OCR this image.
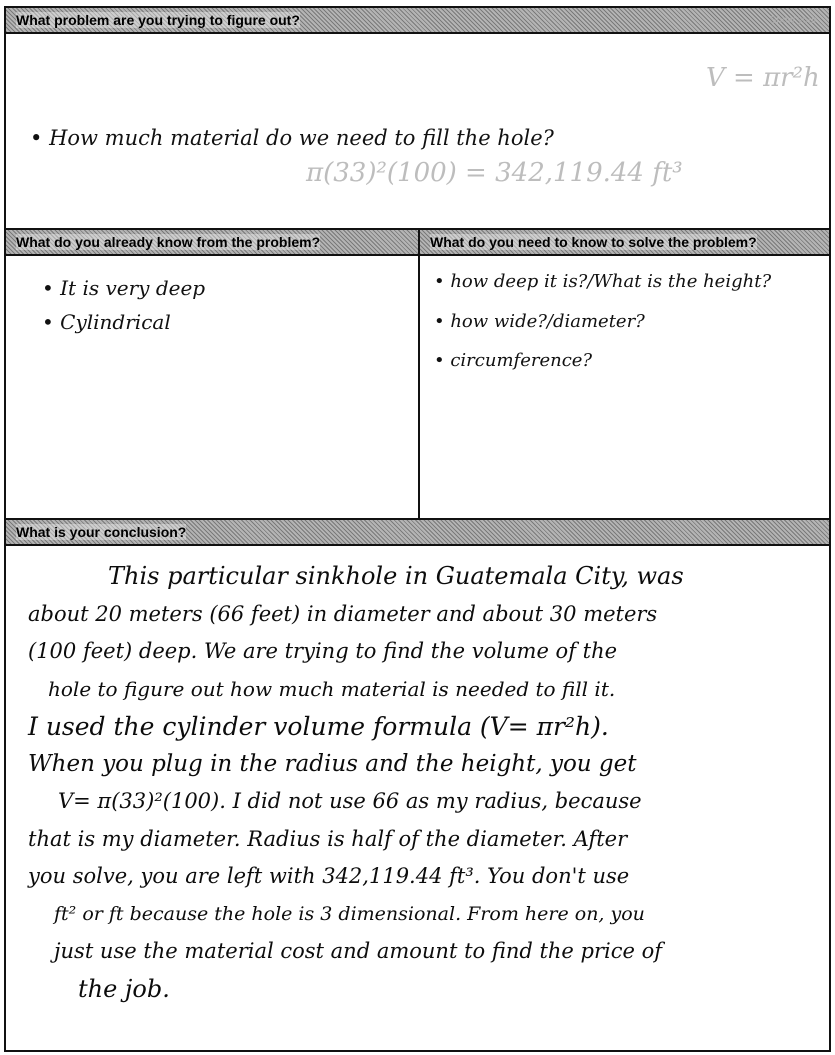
What problem are you trying to figure out?	Show your
V = πr²h
π(33)²(100) = 342,119.44 ft³
• How much material do we need to fill the hole?
What do you already know from the problem?	What do you need to know to solve the problem?
• It is very deep
• Cylindrical
• how deep it is?/What is the height?
• how wide?/diameter?
• circumference?
What is your conclusion?
This particular sinkhole in Guatemala City, was
about 20 meters (66 feet) in diameter and about 30 meters
(100 feet) deep. We are trying to find the volume of the
hole to figure out how much material is needed to fill it.
I used the cylinder volume formula (V= πr²h).
When you plug in the radius and the height, you get
V= π(33)²(100). I did not use 66 as my radius, because
that is my diameter. Radius is half of the diameter. After
you solve, you are left with 342,119.44 ft³. You don't use
ft² or ft because the hole is 3 dimensional. From here on, you
just use the material cost and amount to find the price of
the job.
